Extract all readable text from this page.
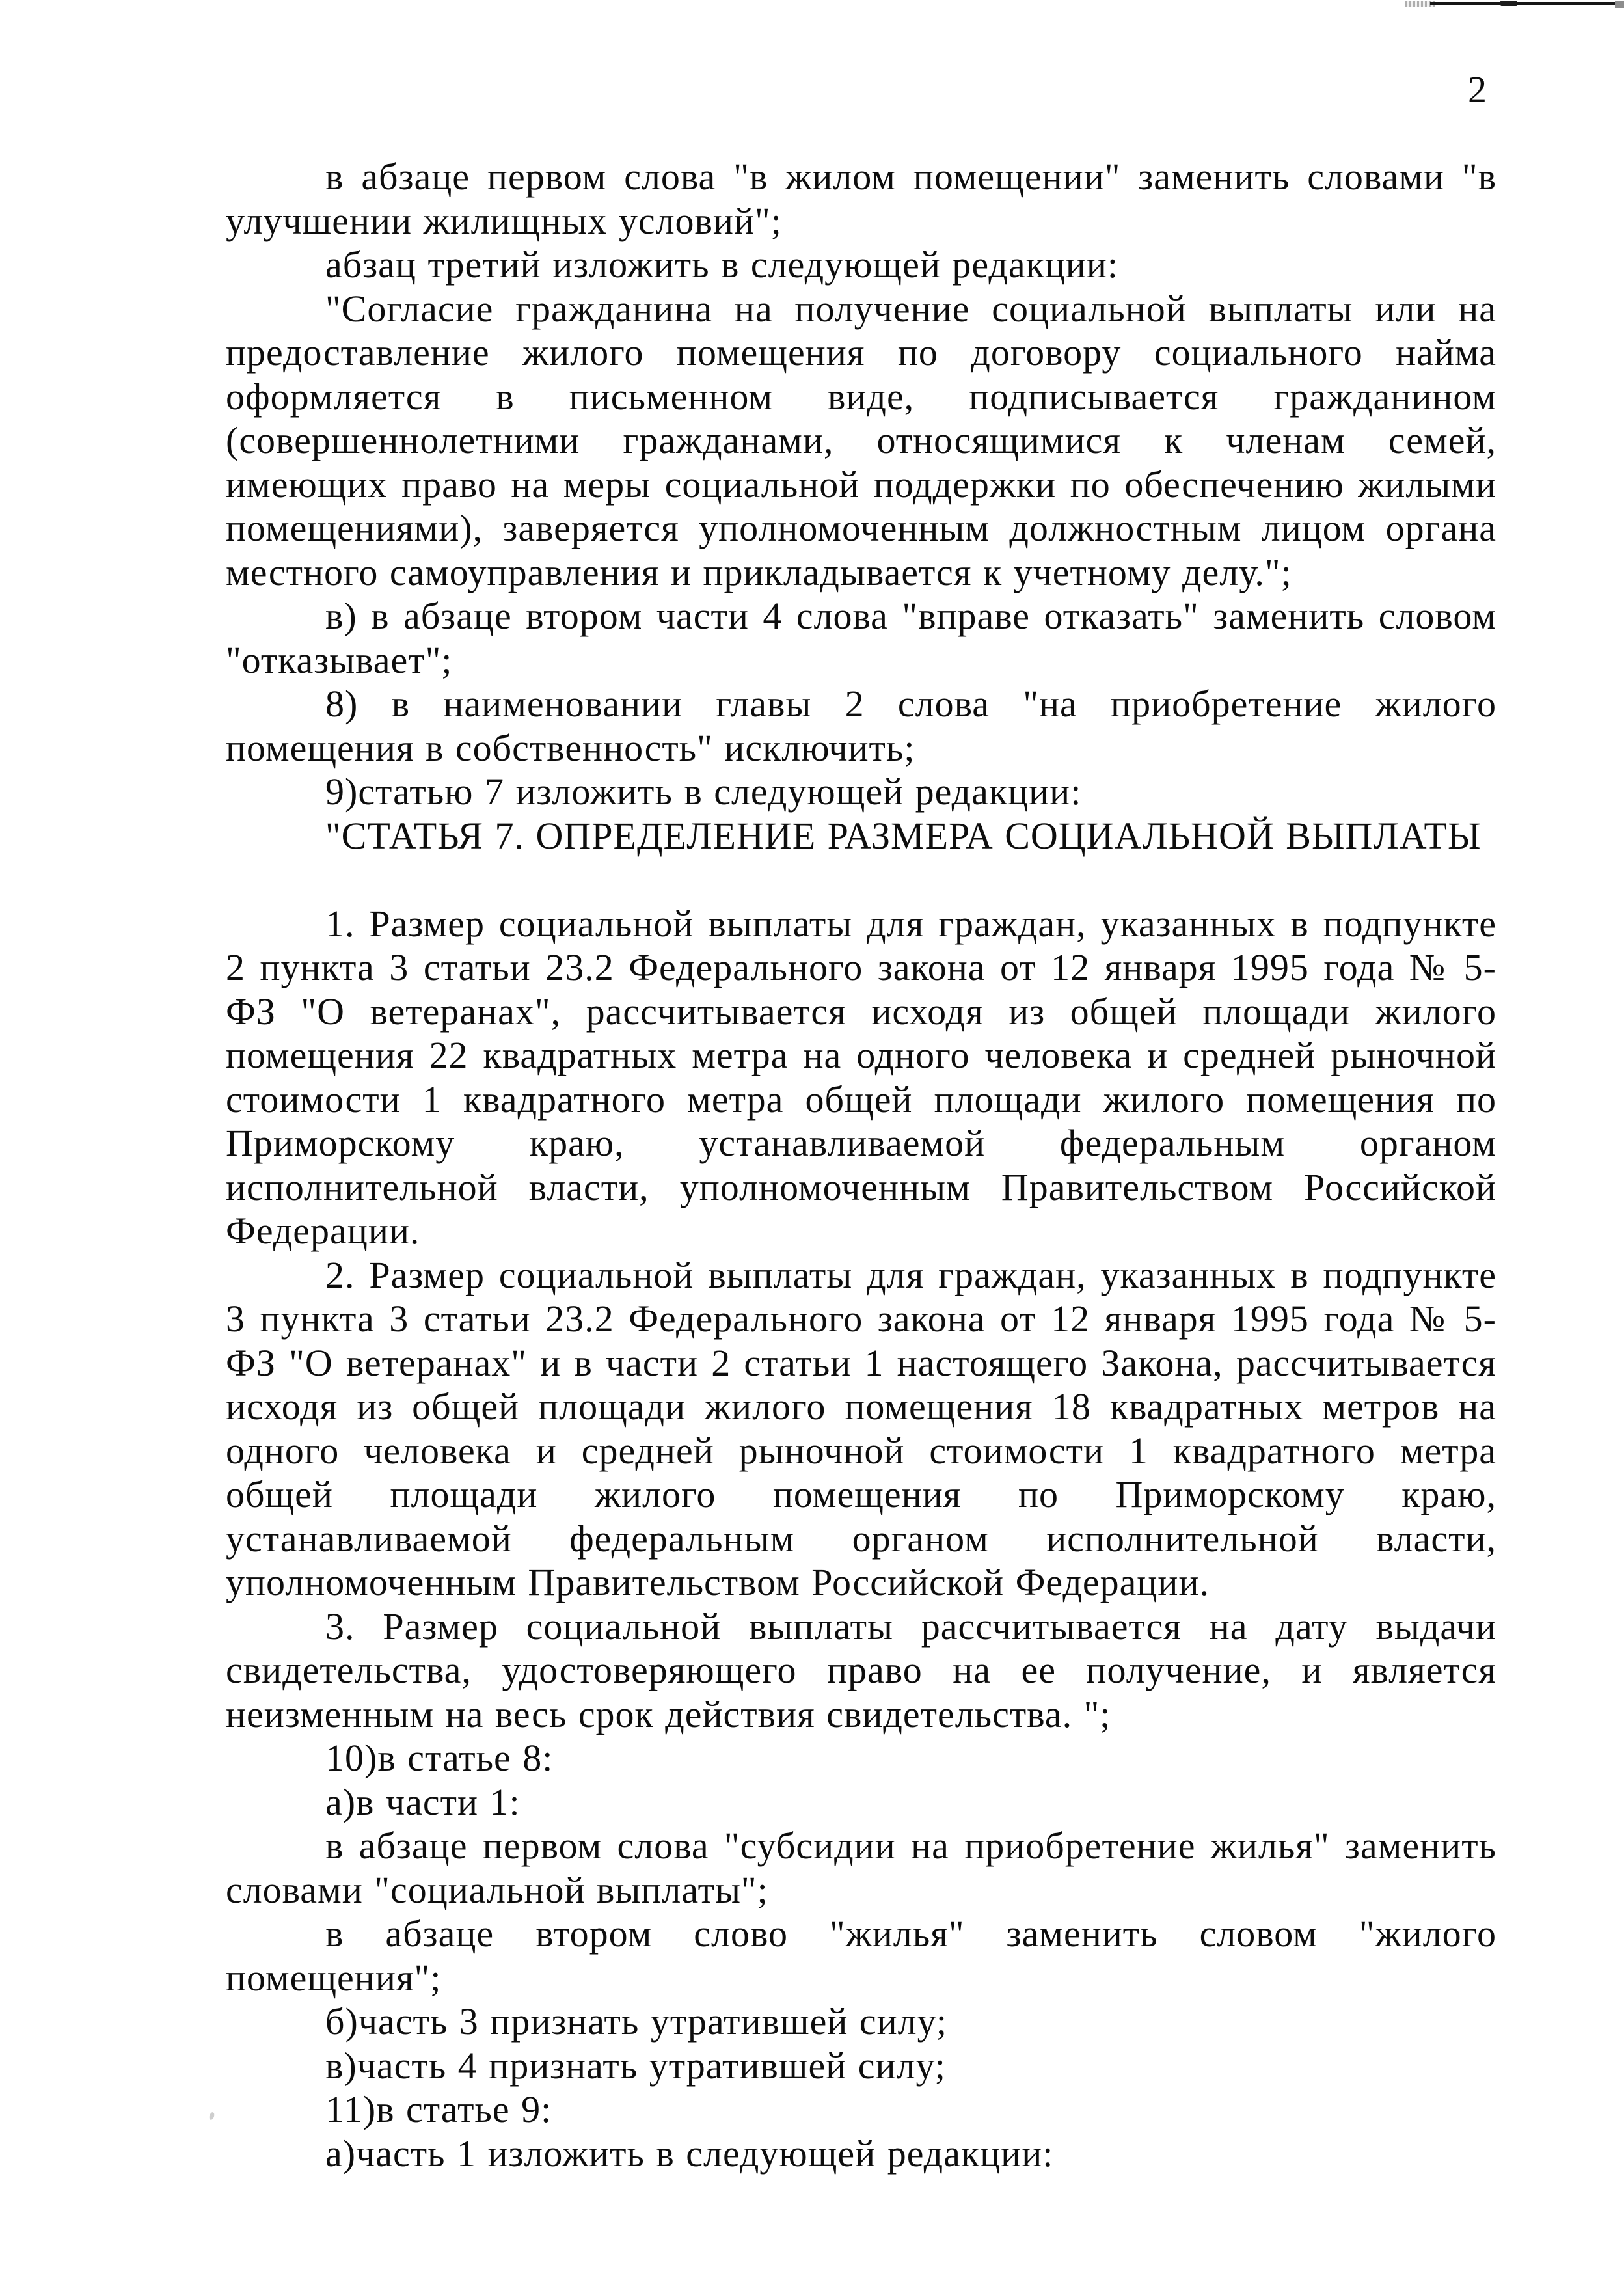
2

в абзаце первом слова "в жилом помещении" заменить словами "в улучшении жилищных условий";

абзац третий изложить в следующей редакции:

"Согласие гражданина на получение социальной выплаты или на предоставление жилого помещения по договору социального найма оформляется в письменном виде, подписывается гражданином (совершеннолетними гражданами, относящимися к членам семей, имеющих право на меры социальной поддержки по обеспечению жилыми помещениями), заверяется уполномоченным должностным лицом органа местного самоуправления и прикладывается к учетному делу.";

в) в абзаце втором части 4 слова "вправе отказать" заменить словом "отказывает";

8) в наименовании главы 2 слова "на приобретение жилого помещения в собственность" исключить;

9)статью 7 изложить в следующей редакции:

"СТАТЬЯ 7. ОПРЕДЕЛЕНИЕ РАЗМЕРА СОЦИАЛЬНОЙ ВЫПЛАТЫ

1. Размер социальной выплаты для граждан, указанных в подпункте 2 пункта 3 статьи 23.2 Федерального закона от 12 января 1995 года № 5-ФЗ "О ветеранах", рассчитывается исходя из общей площади жилого помещения 22 квадратных метра на одного человека и средней рыночной стоимости 1 квадратного метра общей площади жилого помещения по Приморскому краю, устанавливаемой федеральным органом исполнительной власти, уполномоченным Правительством Российской Федерации.

2. Размер социальной выплаты для граждан, указанных в подпункте 3 пункта 3 статьи 23.2 Федерального закона от 12 января 1995 года № 5-ФЗ "О ветеранах" и в части 2 статьи 1 настоящего Закона, рассчитывается исходя из общей площади жилого помещения 18 квадратных метров на одного человека и средней рыночной стоимости 1 квадратного метра общей площади жилого помещения по Приморскому краю, устанавливаемой федеральным органом исполнительной власти, уполномоченным Правительством Российской Федерации.

3. Размер социальной выплаты рассчитывается на дату выдачи свидетельства, удостоверяющего право на ее получение, и является неизменным на весь срок действия свидетельства. ";

10)в статье 8:

а)в части 1:

в абзаце первом слова "субсидии на приобретение жилья" заменить словами "социальной выплаты";

в абзаце втором слово "жилья" заменить словом "жилого помещения";

б)часть 3 признать утратившей силу;

в)часть 4 признать утратившей силу;

11)в статье 9:

а)часть 1 изложить в следующей редакции:
